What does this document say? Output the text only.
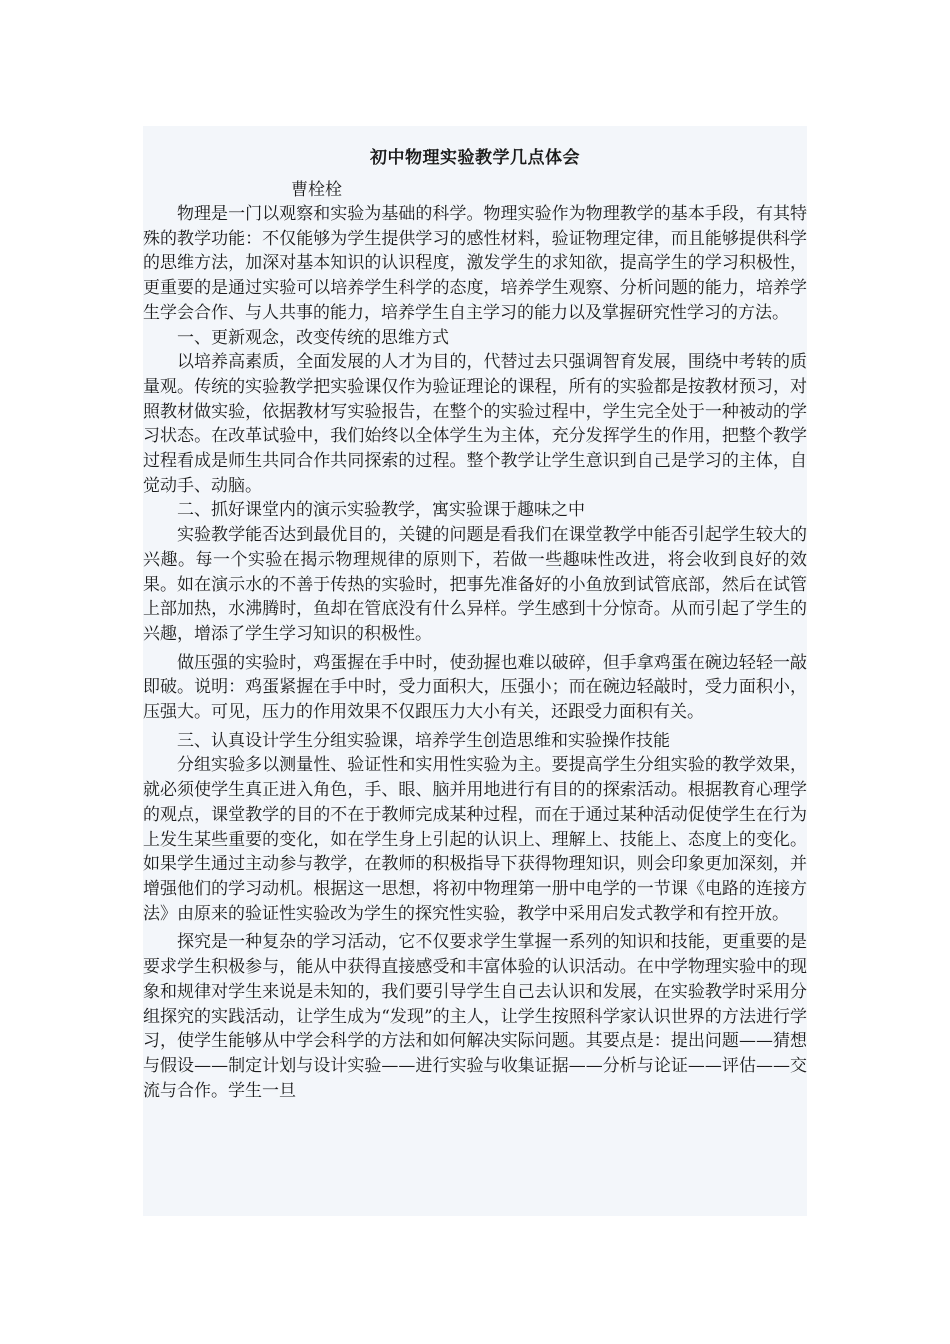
初中物理实验教学几点体会
曹栓栓

物理是一门以观察和实验为基础的科学。物理实验作为物理教学的基本手段，有其特殊的教学功能：不仅能够为学生提供学习的感性材料，验证物理定律，而且能够提供科学的思维方法，加深对基本知识的认识程度，激发学生的求知欲，提高学生的学习积极性，更重要的是通过实验可以培养学生科学的态度，培养学生观察、分析问题的能力，培养学生学会合作、与人共事的能力，培养学生自主学习的能力以及掌握研究性学习的方法。

一、更新观念，改变传统的思维方式

以培养高素质，全面发展的人才为目的，代替过去只强调智育发展，围绕中考转的质量观。传统的实验教学把实验课仅作为验证理论的课程，所有的实验都是按教材预习，对照教材做实验，依据教材写实验报告，在整个的实验过程中，学生完全处于一种被动的学习状态。在改革试验中，我们始终以全体学生为主体，充分发挥学生的作用，把整个教学过程看成是师生共同合作共同探索的过程。整个教学让学生意识到自己是学习的主体，自觉动手、动脑。

二、抓好课堂内的演示实验教学，寓实验课于趣味之中

实验教学能否达到最优目的，关键的问题是看我们在课堂教学中能否引起学生较大的兴趣。每一个实验在揭示物理规律的原则下，若做一些趣味性改进，将会收到良好的效果。如在演示水的不善于传热的实验时，把事先准备好的小鱼放到试管底部，然后在试管上部加热，水沸腾时，鱼却在管底没有什么异样。学生感到十分惊奇。从而引起了学生的兴趣，增添了学生学习知识的积极性。

做压强的实验时，鸡蛋握在手中时，使劲握也难以破碎，但手拿鸡蛋在碗边轻轻一敲即破。说明：鸡蛋紧握在手中时，受力面积大，压强小；而在碗边轻敲时，受力面积小，压强大。可见，压力的作用效果不仅跟压力大小有关，还跟受力面积有关。

三、认真设计学生分组实验课，培养学生创造思维和实验操作技能

分组实验多以测量性、验证性和实用性实验为主。要提高学生分组实验的教学效果，就必须使学生真正进入角色，手、眼、脑并用地进行有目的的探索活动。根据教育心理学的观点，课堂教学的目的不在于教师完成某种过程，而在于通过某种活动促使学生在行为上发生某些重要的变化，如在学生身上引起的认识上、理解上、技能上、态度上的变化。如果学生通过主动参与教学，在教师的积极指导下获得物理知识，则会印象更加深刻，并增强他们的学习动机。根据这一思想，将初中物理第一册中电学的一节课《电路的连接方法》由原来的验证性实验改为学生的探究性实验，教学中采用启发式教学和有控开放。

探究是一种复杂的学习活动，它不仅要求学生掌握一系列的知识和技能，更重要的是要求学生积极参与，能从中获得直接感受和丰富体验的认识活动。在中学物理实验中的现象和规律对学生来说是未知的，我们要引导学生自己去认识和发展，在实验教学时采用分组探究的实践活动，让学生成为“发现”的主人，让学生按照科学家认识世界的方法进行学习，使学生能够从中学会科学的方法和如何解决实际问题。其要点是：提出问题——猜想与假设——制定计划与设计实验——进行实验与收集证据——分析与论证——评估——交流与合作。学生一旦
